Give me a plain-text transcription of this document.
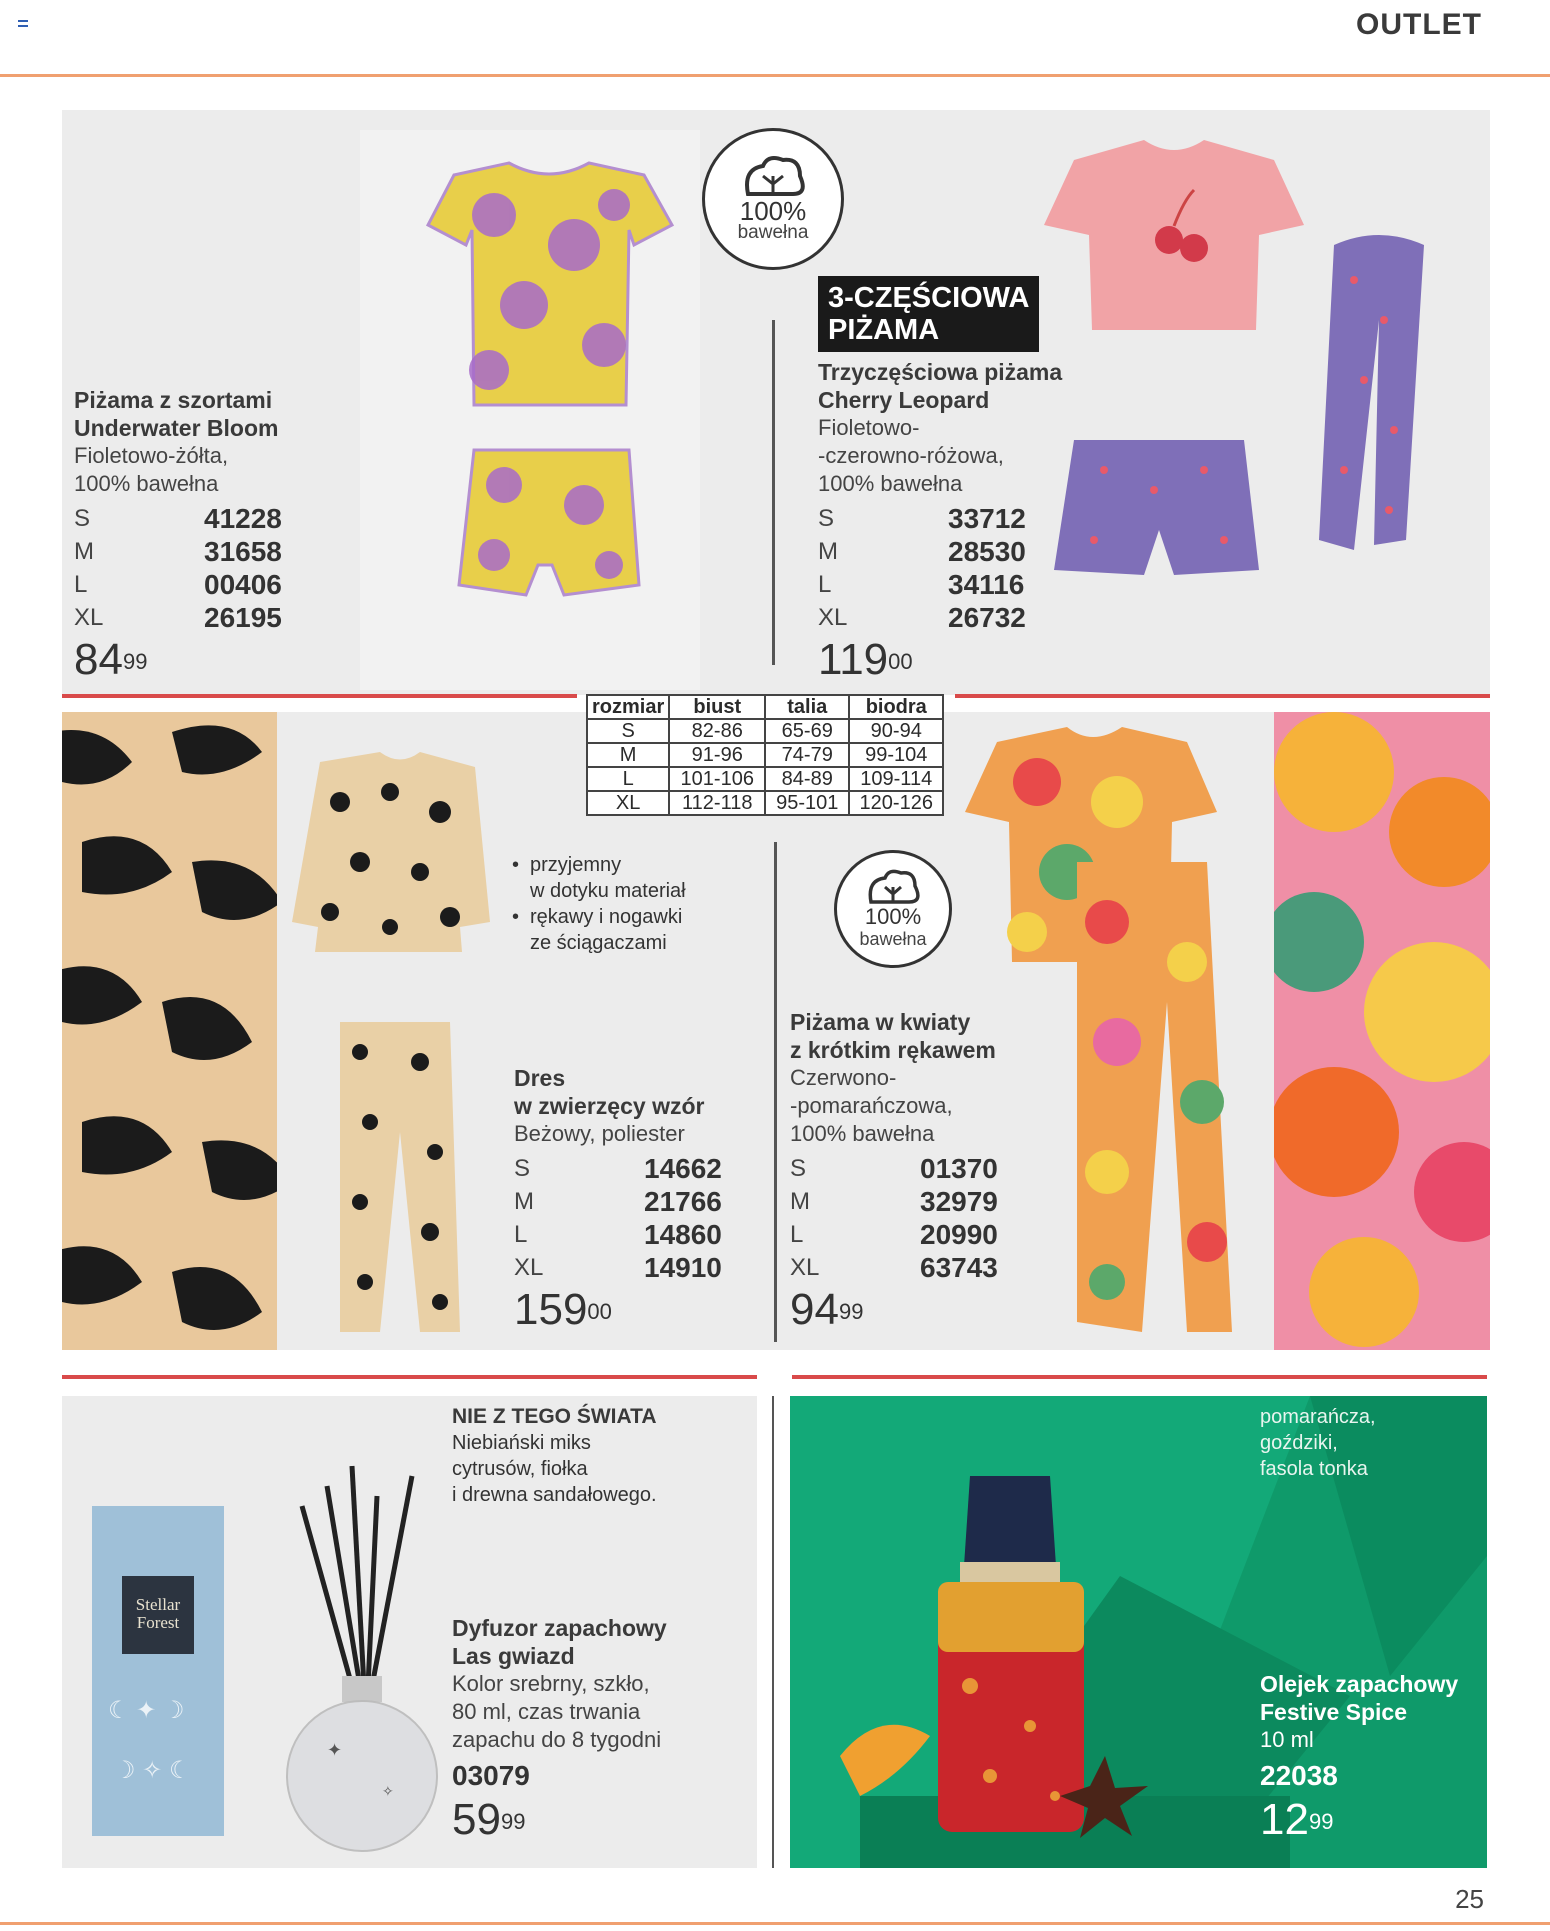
OUTLET
100%
bawełna
3-CZĘŚCIOWA
PIŻAMA
Piżama z szortami
Underwater Bloom
Fioletowo-żółta,
100% bawełna
S	41228
M	31658
L	00406
XL	26195
$84^{99}$
Trzyczęściowa piżama
Cherry Leopard
Fioletowo-
-czerowno-różowa,
100% bawełna
S	33712
M	28530
L	34116
XL	26732
$119^{00}$
• przyjemny
w dotyku materiał
• rękawy i nogawki
ze ściągaczami
Dres
w zwierzęcy wzór
Beżowy, poliester
S	14662
M	21766
L	14860
XL	14910
$159^{00}$
100%
bawełna
Piżama w kwiaty
z krótkim rękawem
Czerwono-
-pomarańczowa,
100% bawełna
S	01370
M	32979
L	20990
XL	63743
$94^{99}$
rozmiar	biust	talia	biodra
S	82-86	65-69	90-94
M	91-96	74-79	99-104
L	101-106	84-89	109-114
XL	112-118	95-101	120-126
Stellar
Forest
☾ ✦ ☽
☽ ✧ ☾
✦
✧
NIE Z TEGO ŚWIATA
Niebiański miks
cytrusów, fiołka
i drewna sandałowego.
Dyfuzor zapachowy
Las gwiazd
Kolor srebrny, szkło,
80 ml, czas trwania
zapachu do 8 tygodni
03079
$59^{99}$
pomarańcza,
goździki,
fasola tonka
Olejek zapachowy
Festive Spice
10 ml
22038
$12^{99}$
25
